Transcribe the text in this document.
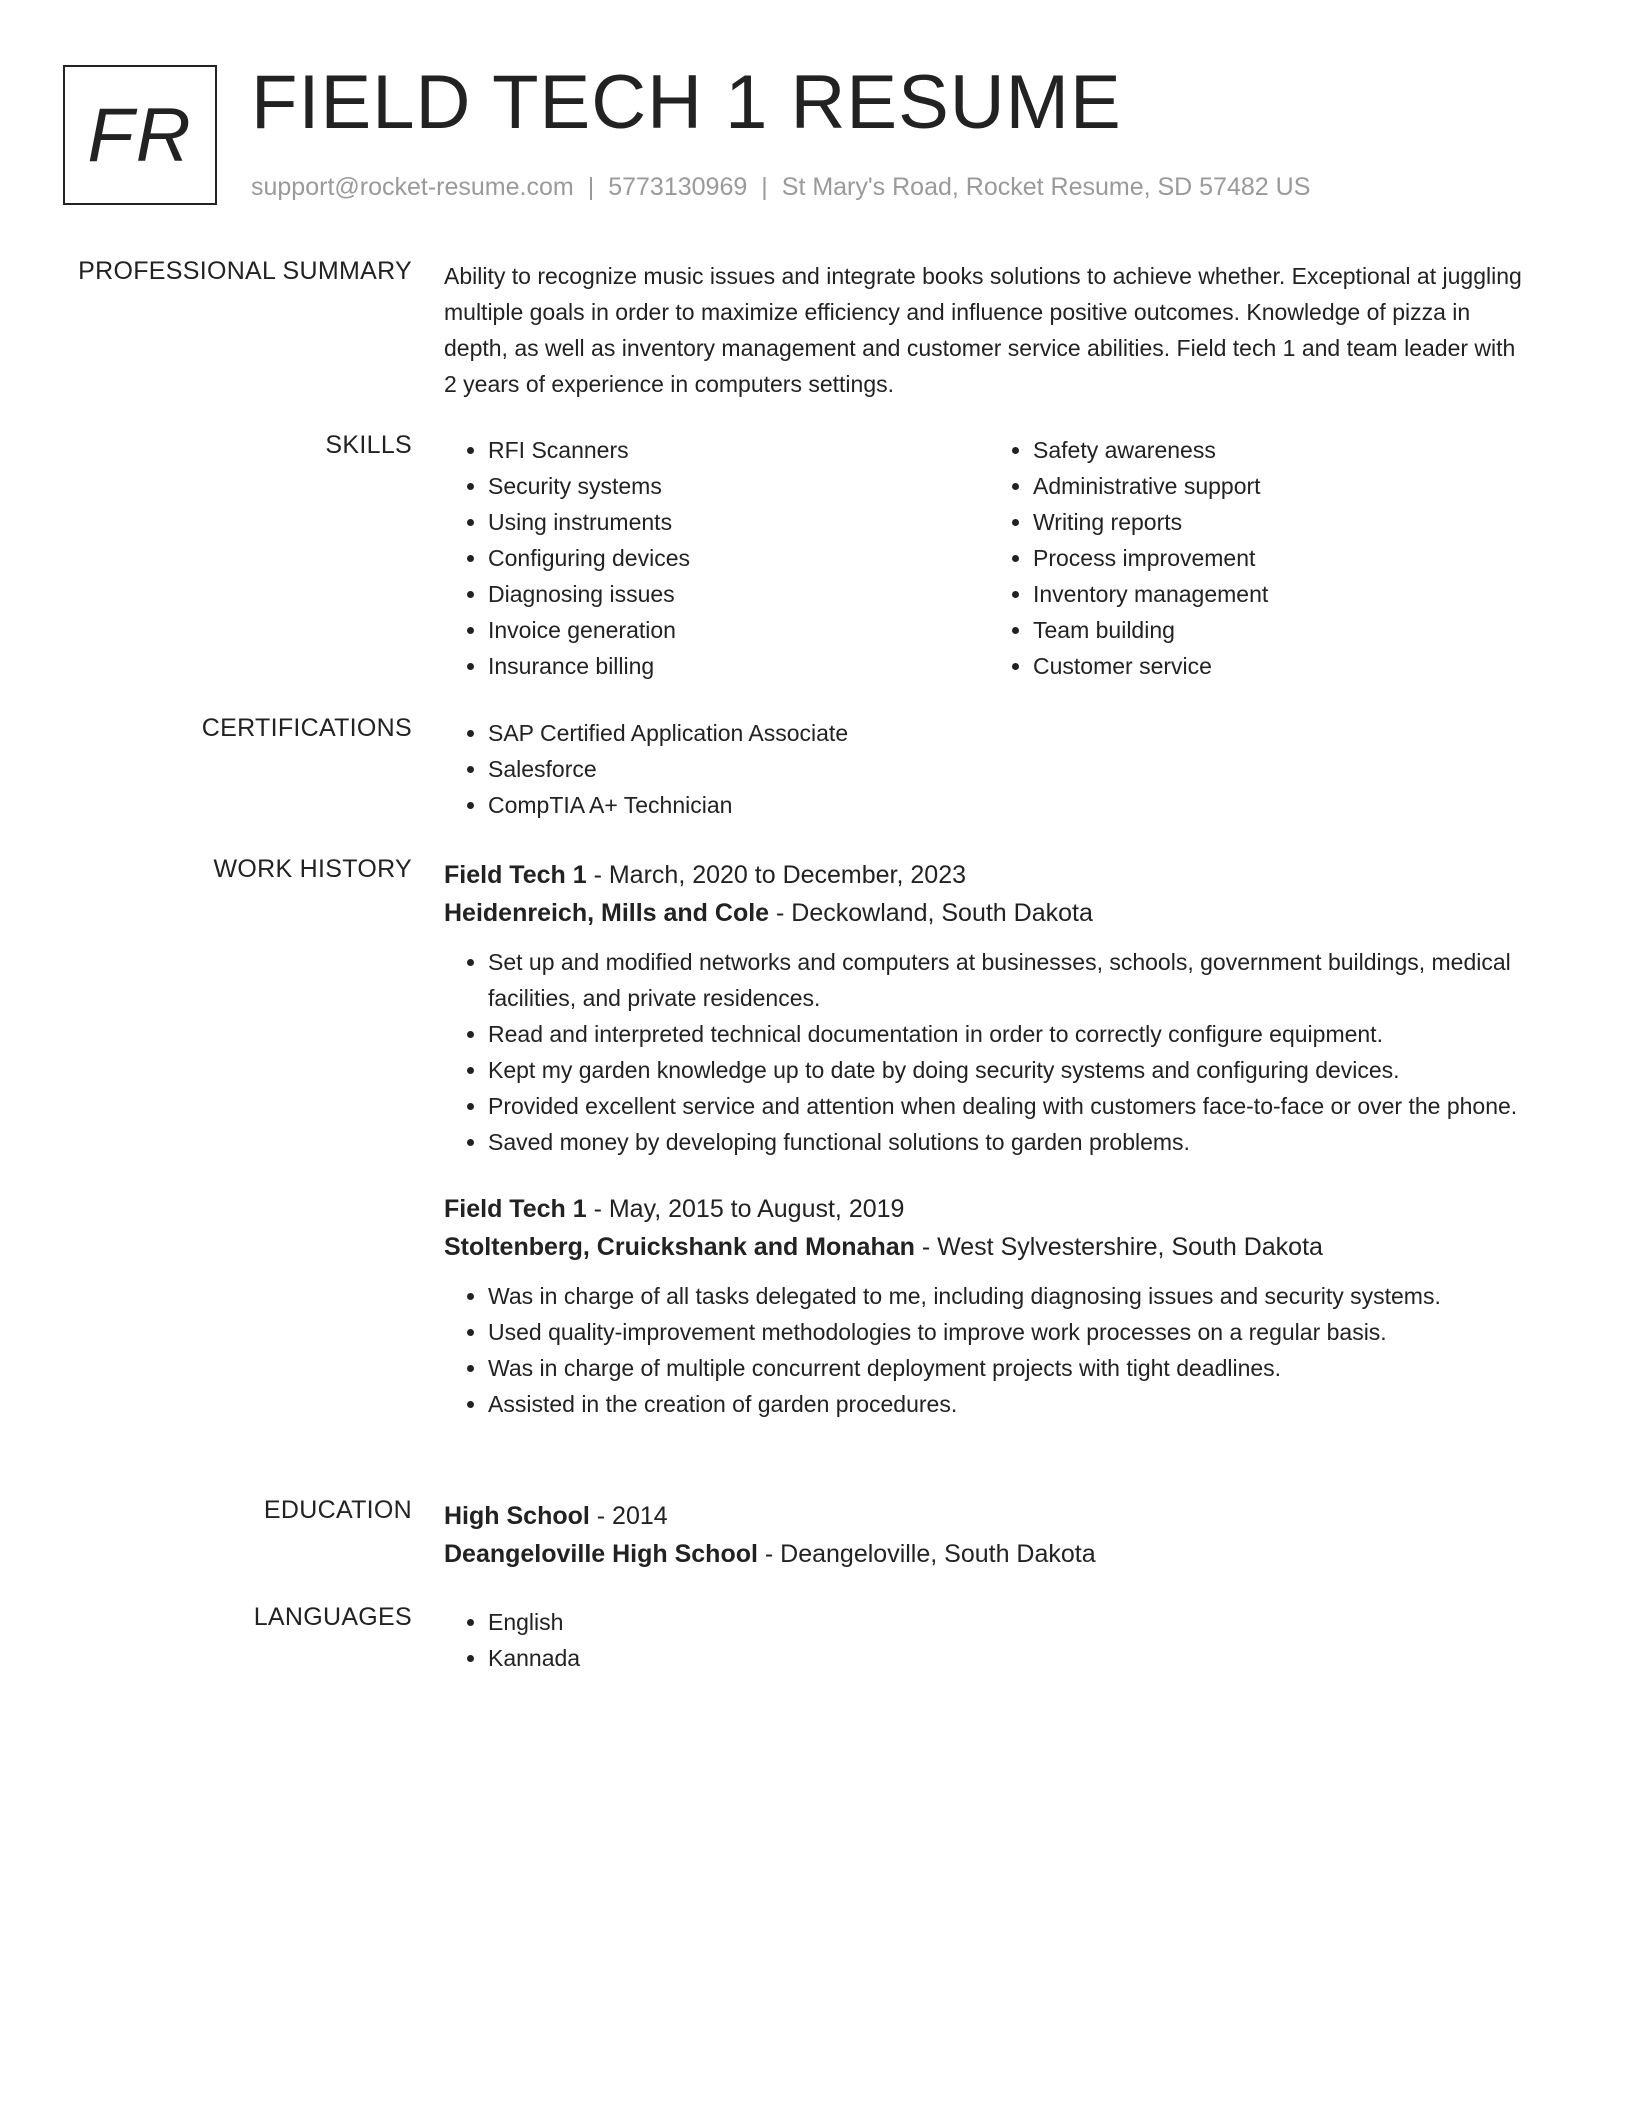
FR FIELD TECH 1 RESUME
support@rocket-resume.com | 5773130969 | St Mary's Road, Rocket Resume, SD 57482 US
PROFESSIONAL SUMMARY Ability to recognize music issues and integrate books solutions to achieve whether. Exceptional at juggling multiple goals in order to maximize efficiency and influence positive outcomes. Knowledge of pizza in depth, as well as inventory management and customer service abilities. Field tech 1 and team leader with 2 years of experience in computers settings.
SKILLS	• RFI Scanners
• Security systems
• Using instruments
• Configuring devices
• Diagnosing issues
• Invoice generation
• Insurance billing
• Safety awareness
• Administrative support
• Writing reports
• Process improvement
• Inventory management
• Team building
• Customer service
CERTIFICATIONS	• SAP Certified Application Associate
• Salesforce
• CompTIA A+ Technician
WORK HISTORY Field Tech 1 - March, 2020 to December, 2023
Heidenreich, Mills and Cole - Deckowland, South Dakota
• Set up and modified networks and computers at businesses, schools, government buildings, medical facilities, and private residences.
• Read and interpreted technical documentation in order to correctly configure equipment.
• Kept my garden knowledge up to date by doing security systems and configuring devices.
• Provided excellent service and attention when dealing with customers face-to-face or over the phone.
• Saved money by developing functional solutions to garden problems.
Field Tech 1 - May, 2015 to August, 2019
Stoltenberg, Cruickshank and Monahan - West Sylvestershire, South Dakota
• Was in charge of all tasks delegated to me, including diagnosing issues and security systems.
• Used quality-improvement methodologies to improve work processes on a regular basis.
• Was in charge of multiple concurrent deployment projects with tight deadlines.
• Assisted in the creation of garden procedures.
EDUCATION High School - 2014
Deangeloville High School - Deangeloville, South Dakota
LANGUAGES	• English
• Kannada
